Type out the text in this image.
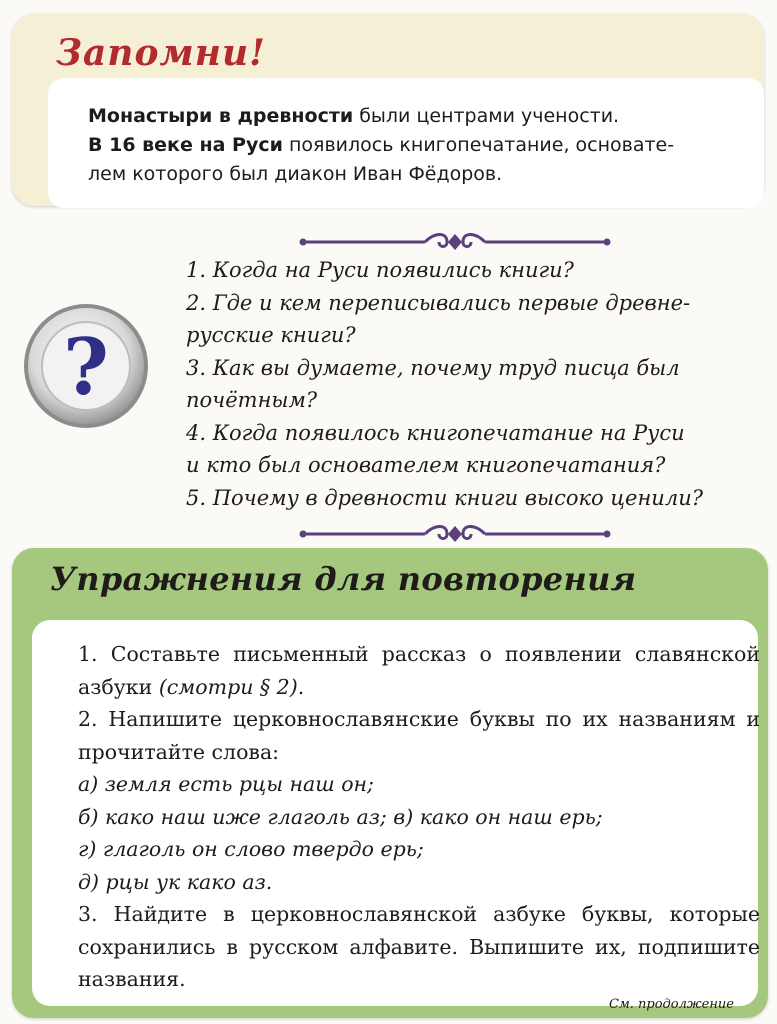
Запомни!
Монастыри в древности были центрами учености.
В 16 веке на Руси появилось книгопечатание, основате-
лем которого был диакон Иван Фёдоров.
?

1. Когда на Руси появились книги?

2. Где и кем переписывались первые древне-

русские книги?

3. Как вы думаете, почему труд писца был

почётным?

4. Когда появилось книгопечатание на Руси

и кто был основателем книгопечатания?

5. Почему в древности книги высоко ценили?

Упражнения для повторения

1. Составьте письменный рассказ о появлении славянской азбуки (смотри § 2).

2. Напишите церковнославянские буквы по их названиям и прочитайте слова:

а) земля есть рцы наш он;

б) како наш иже глаголь аз; в) како он наш ерь;

г) глаголь он слово твердо ерь;

д) рцы ук како аз.

3. Найдите в церковнославянской азбуке буквы, которые сохранились в русском алфавите. Выпишите их, подпишите названия.

См. продолжение
